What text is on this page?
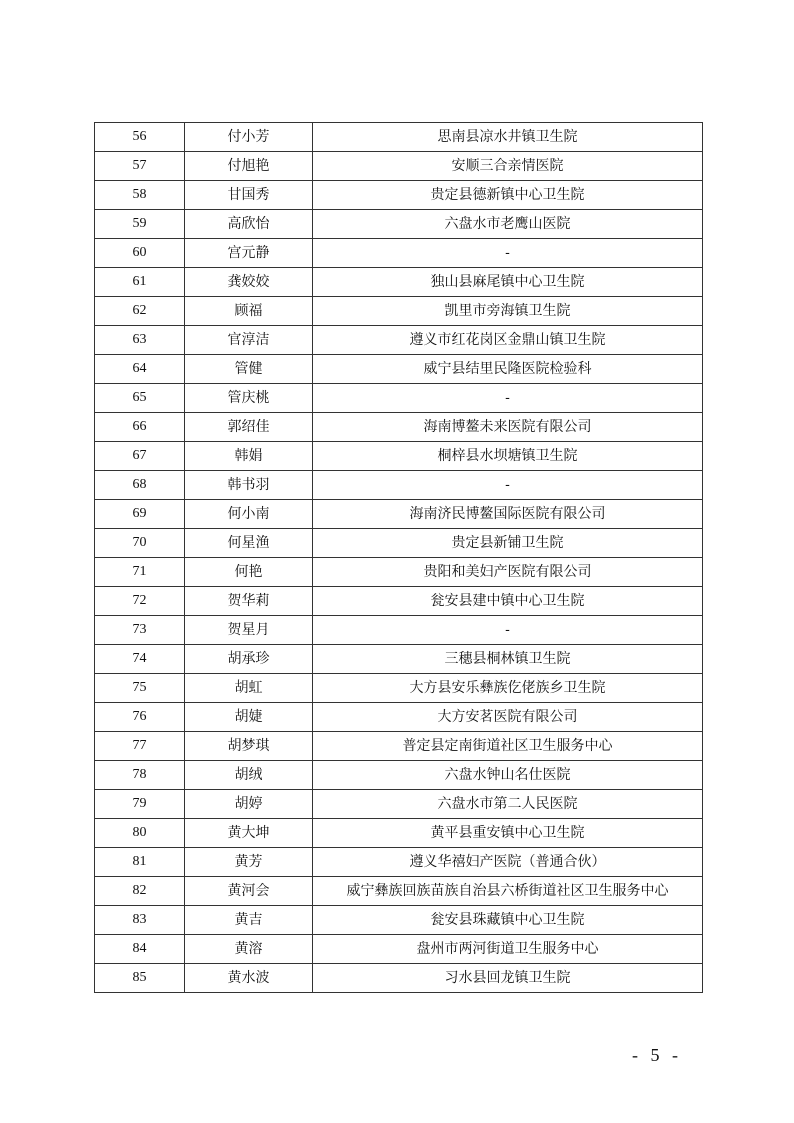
56	付小芳	思南县凉水井镇卫生院
57	付旭艳	安顺三合亲情医院
58	甘国秀	贵定县德新镇中心卫生院
59	高欣怡	六盘水市老鹰山医院
60	宫元静	-
61	龚姣姣	独山县麻尾镇中心卫生院
62	顾福	凯里市旁海镇卫生院
63	官淳洁	遵义市红花岗区金鼎山镇卫生院
64	管健	威宁县结里民隆医院检验科
65	管庆桃	-
66	郭绍佳	海南博鳌未来医院有限公司
67	韩娟	桐梓县水坝塘镇卫生院
68	韩书羽	-
69	何小南	海南济民博鳌国际医院有限公司
70	何星渔	贵定县新铺卫生院
71	何艳	贵阳和美妇产医院有限公司
72	贺华莉	瓮安县建中镇中心卫生院
73	贺星月	-
74	胡承珍	三穗县桐林镇卫生院
75	胡虹	大方县安乐彝族仡佬族乡卫生院
76	胡婕	大方安茗医院有限公司
77	胡梦琪	普定县定南街道社区卫生服务中心
78	胡绒	六盘水钟山名仕医院
79	胡婷	六盘水市第二人民医院
80	黄大坤	黄平县重安镇中心卫生院
81	黄芳	遵义华禧妇产医院（普通合伙）
82	黄河会	威宁彝族回族苗族自治县六桥街道社区卫生服务中心
83	黄吉	瓮安县珠藏镇中心卫生院
84	黄溶	盘州市两河街道卫生服务中心
85	黄水波	习水县回龙镇卫生院
- 5 -
